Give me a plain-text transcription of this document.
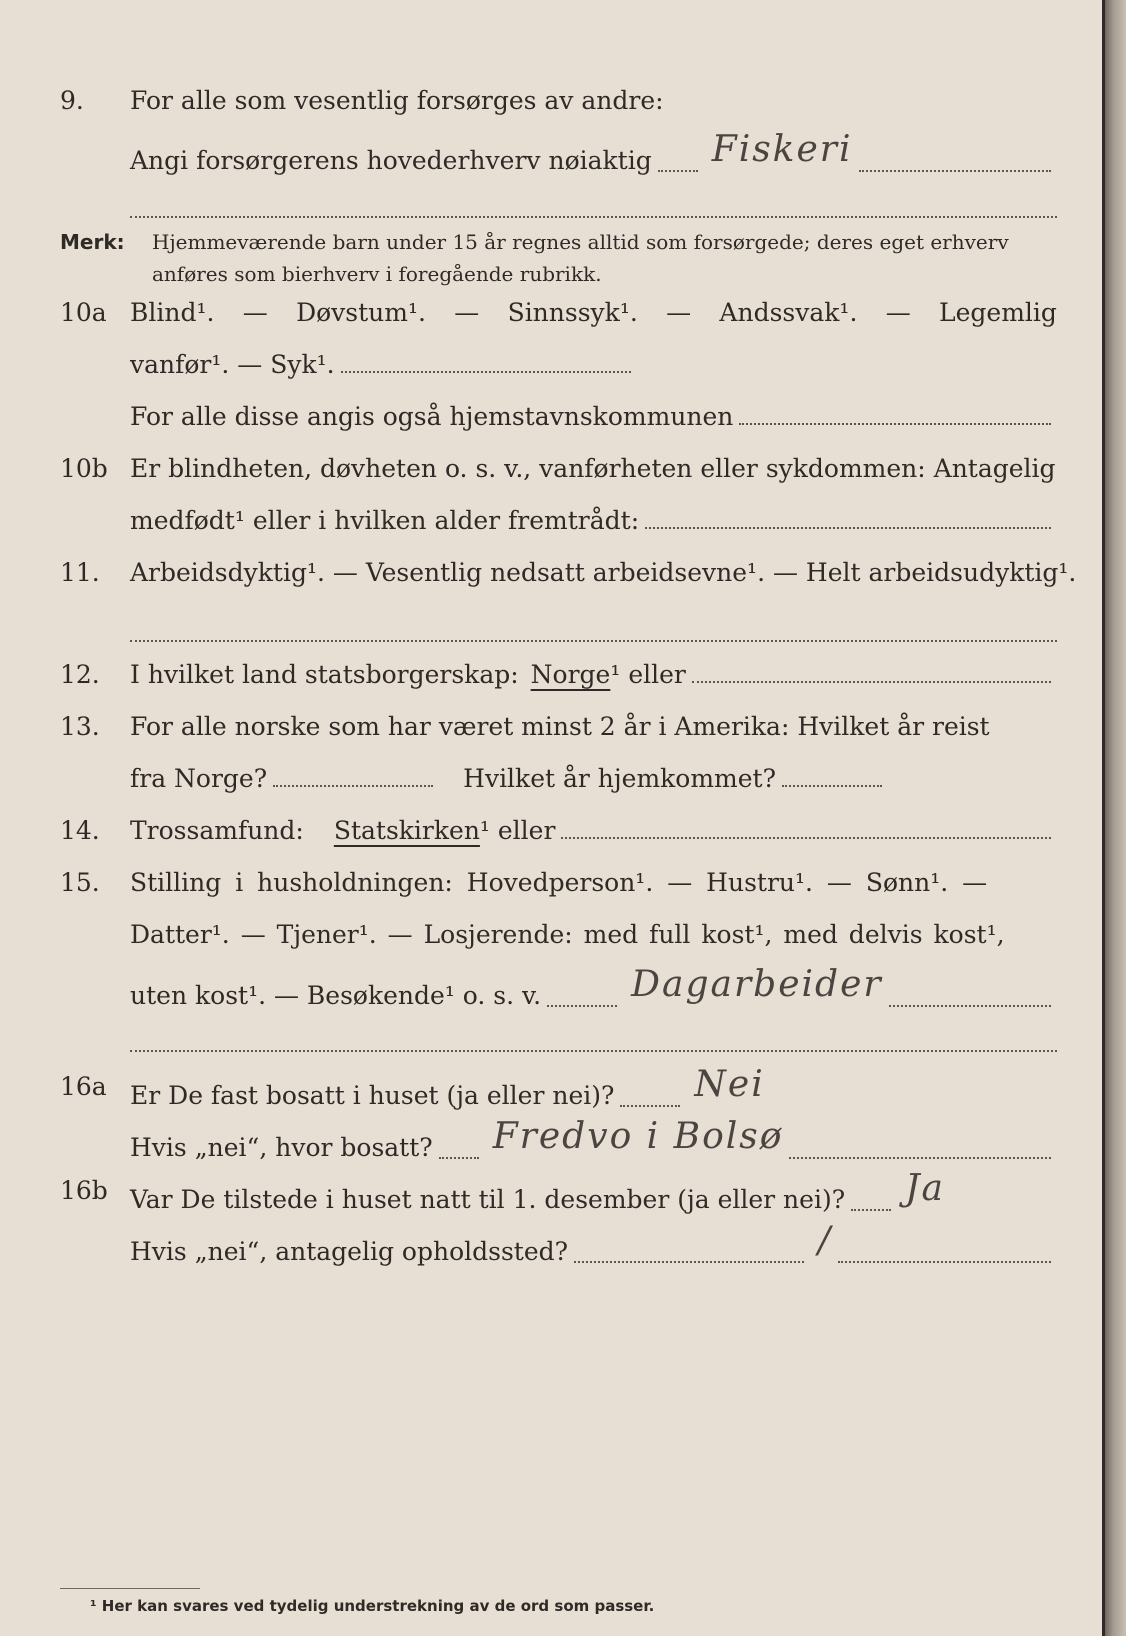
9. For alle som vesentlig forsørges av andre:
Angi forsørgerens hovederhverv nøiaktig Fiskeri
Merk: Hjemmeværende barn under 15 år regnes alltid som forsørgede; deres eget erhverv anføres som bierhverv i foregående rubrikk.
10a Blind¹. — Døvstum¹. — Sinnssyk¹. — Andssvak¹. — Legemlig
vanfør¹. — Syk¹.
For alle disse angis også hjemstavnskommunen
10b Er blindheten, døvheten o. s. v., vanførheten eller sykdommen: Antagelig
medfødt¹ eller i hvilken alder fremtrådt:
11. Arbeidsdyktig¹. — Vesentlig nedsatt arbeidsevne¹. — Helt arbeidsudyktig¹.
12. I hvilket land statsborgerskap: Norge ¹ eller
13. For alle norske som har været minst 2 år i Amerika: Hvilket år reist
fra Norge?	Hvilket år hjemkommet?
14. Trossamfund: Statskirken ¹ eller
15. Stilling i husholdningen: Hovedperson¹. — Hustru¹. — Sønn¹. —
Datter¹. — Tjener¹. — Losjerende: med full kost¹, med delvis kost¹,
uten kost¹. — Besøkende¹ o. s. v.	Dagarbeider
16a Er De fast bosatt i huset (ja eller nei)? Nei
Hvis „nei“, hvor bosatt? Fredvo i Bolsø
16b Var De tilstede i huset natt til 1. desember (ja eller nei)? Ja
Hvis „nei“, antagelig opholdssted?	/
¹ Her kan svares ved tydelig understrekning av de ord som passer.
